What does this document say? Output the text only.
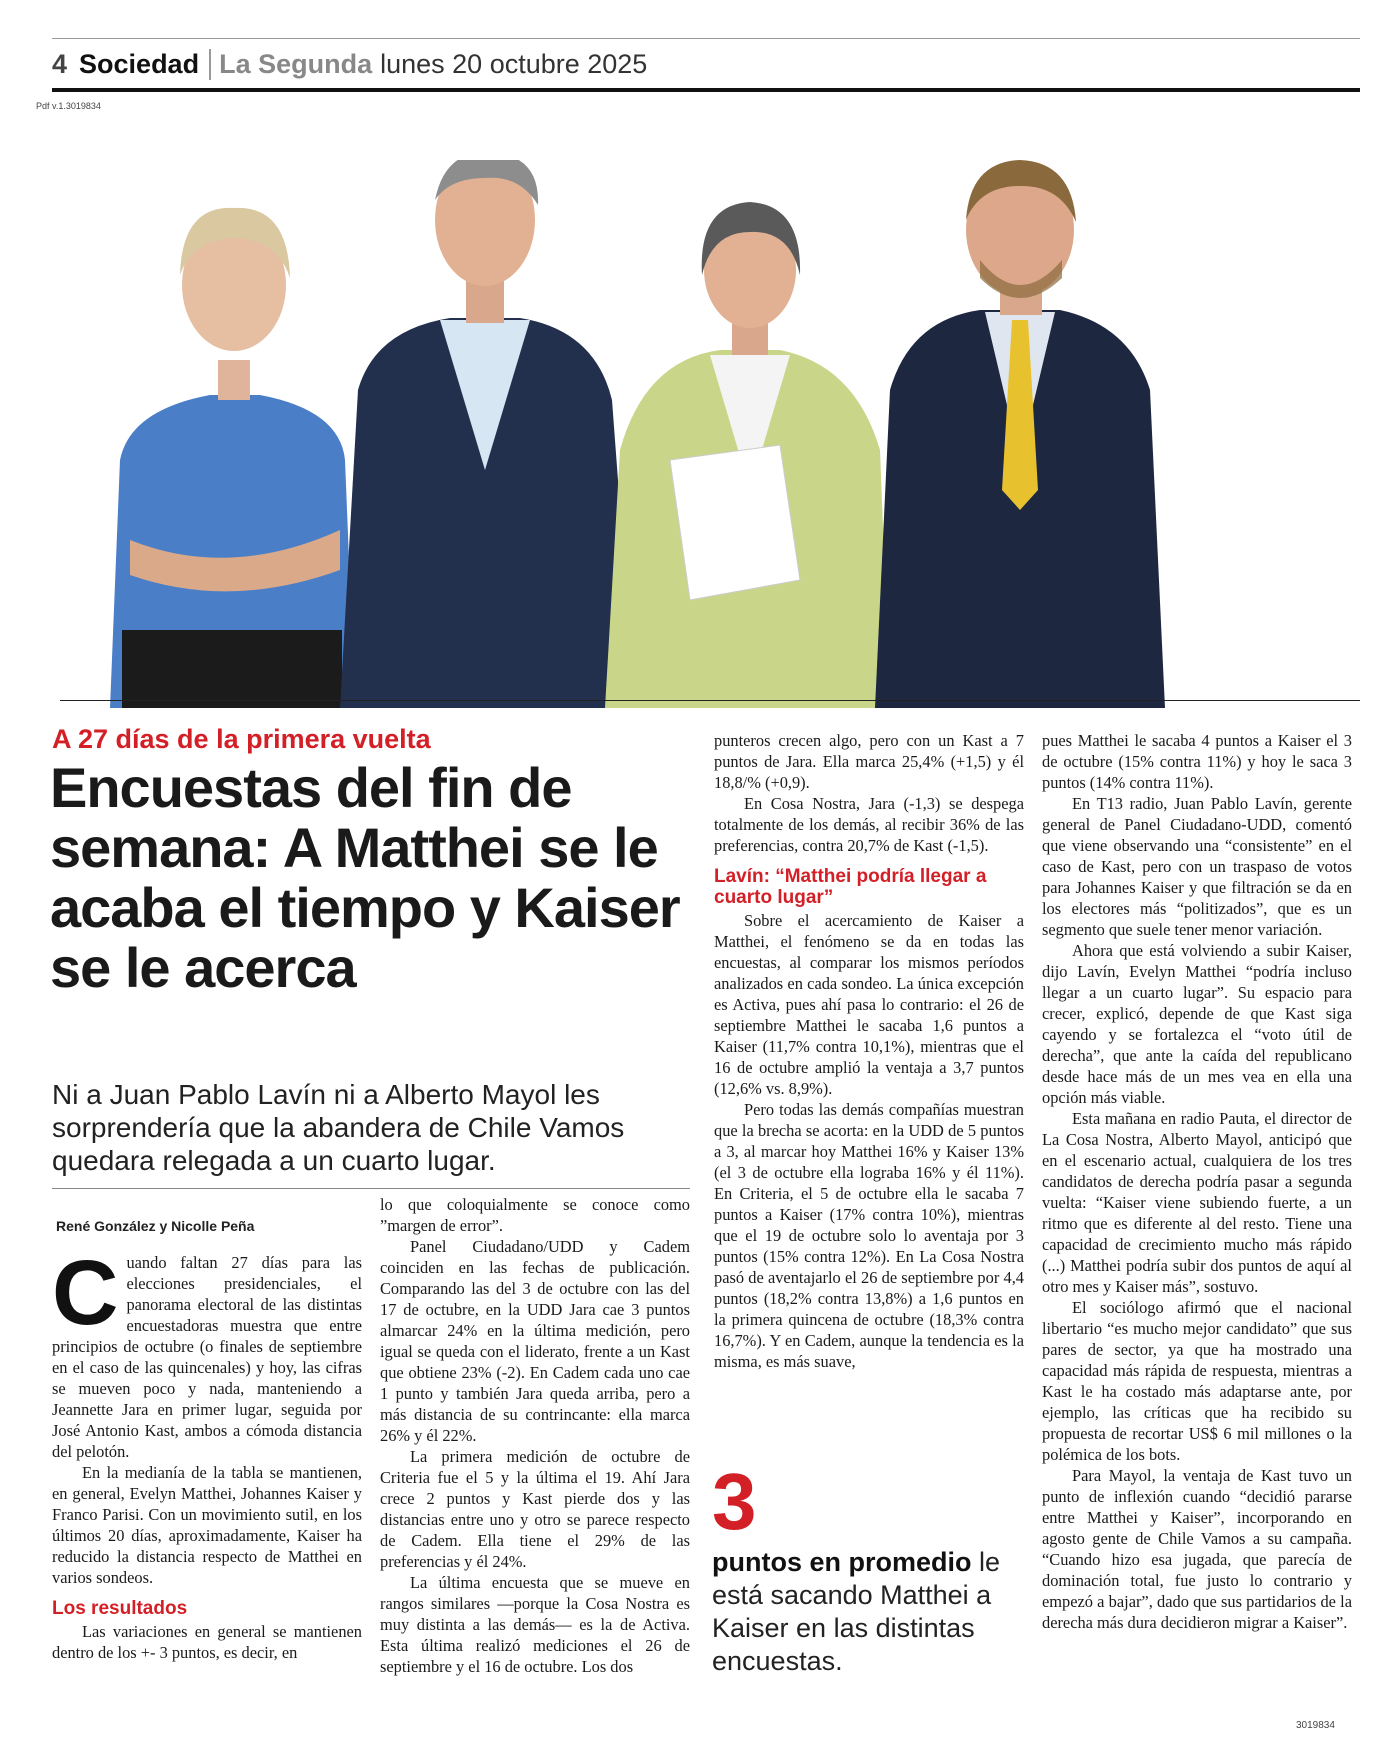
4 Sociedad La Segunda lunes 20 octubre 2025
Pdf v.1.3019834
A 27 días de la primera vuelta
Encuestas del fin de semana: A Matthei se le acaba el tiempo y Kaiser se le acerca
Ni a Juan Pablo Lavín ni a Alberto Mayol les sorprendería que la abandera de Chile Vamos quedara relegada a un cuarto lugar.
René González y Nicolle Peña

Cuando faltan 27 días para las elecciones presidenciales, el panorama electoral de las distintas encuestadoras muestra que entre principios de octubre (o finales de septiembre en el caso de las quincenales) y hoy, las cifras se mueven poco y nada, manteniendo a Jeannette Jara en primer lugar, seguida por José Antonio Kast, ambos a cómoda distancia del pelotón.

En la medianía de la tabla se mantienen, en general, Evelyn Matthei, Johannes Kaiser y Franco Parisi. Con un movimiento sutil, en los últimos 20 días, aproximadamente, Kaiser ha reducido la distancia respecto de Matthei en varios sondeos.

Los resultados

Las variaciones en general se mantienen dentro de los +- 3 puntos, es decir, en

lo que coloquialmente se conoce como ”margen de error”.

Panel Ciudadano/UDD y Cadem coinciden en las fechas de publicación. Comparando las del 3 de octubre con las del 17 de octubre, en la UDD Jara cae 3 puntos almarcar 24% en la última medición, pero igual se queda con el liderato, frente a un Kast que obtiene 23% (-2). En Cadem cada uno cae 1 punto y también Jara queda arriba, pero a más distancia de su contrincante: ella marca 26% y él 22%.

La primera medición de octubre de Criteria fue el 5 y la última el 19. Ahí Jara crece 2 puntos y Kast pierde dos y las distancias entre uno y otro se parece respecto de Cadem. Ella tiene el 29% de las preferencias y él 24%.

La última encuesta que se mueve en rangos similares —porque la Cosa Nostra es muy distinta a las demás— es la de Activa. Esta última realizó mediciones el 26 de septiembre y el 16 de octubre. Los dos

punteros crecen algo, pero con un Kast a 7 puntos de Jara. Ella marca 25,4% (+1,5) y él 18,8/% (+0,9).

En Cosa Nostra, Jara (-1,3) se despega totalmente de los demás, al recibir 36% de las preferencias, contra 20,7% de Kast (-1,5).

Lavín: “Matthei podría llegar a cuarto lugar”

Sobre el acercamiento de Kaiser a Matthei, el fenómeno se da en todas las encuestas, al comparar los mismos períodos analizados en cada sondeo. La única excepción es Activa, pues ahí pasa lo contrario: el 26 de septiembre Matthei le sacaba 1,6 puntos a Kaiser (11,7% contra 10,1%), mientras que el 16 de octubre amplió la ventaja a 3,7 puntos (12,6% vs. 8,9%).

Pero todas las demás compañías muestran que la brecha se acorta: en la UDD de 5 puntos a 3, al marcar hoy Matthei 16% y Kaiser 13% (el 3 de octubre ella lograba 16% y él 11%). En Criteria, el 5 de octubre ella le sacaba 7 puntos a Kaiser (17% contra 10%), mientras que el 19 de octubre solo lo aventaja por 3 puntos (15% contra 12%). En La Cosa Nostra pasó de aventajarlo el 26 de septiembre por 4,4 puntos (18,2% contra 13,8%) a 1,6 puntos en la primera quincena de octubre (18,3% contra 16,7%). Y en Cadem, aunque la tendencia es la misma, es más suave,

3
puntos en promedio le está sacando Matthei a Kaiser en las distintas encuestas.

pues Matthei le sacaba 4 puntos a Kaiser el 3 de octubre (15% contra 11%) y hoy le saca 3 puntos (14% contra 11%).

En T13 radio, Juan Pablo Lavín, gerente general de Panel Ciudadano-UDD, comentó que viene observando una “consistente” en el caso de Kast, pero con un traspaso de votos para Johannes Kaiser y que filtración se da en los electores más “politizados”, que es un segmento que suele tener menor variación.

Ahora que está volviendo a subir Kaiser, dijo Lavín, Evelyn Matthei “podría incluso llegar a un cuarto lugar”. Su espacio para crecer, explicó, depende de que Kast siga cayendo y se fortalezca el “voto útil de derecha”, que ante la caída del republicano desde hace más de un mes vea en ella una opción más viable.

Esta mañana en radio Pauta, el director de La Cosa Nostra, Alberto Mayol, anticipó que en el escenario actual, cualquiera de los tres candidatos de derecha podría pasar a segunda vuelta: “Kaiser viene subiendo fuerte, a un ritmo que es diferente al del resto. Tiene una capacidad de crecimiento mucho más rápido (...) Matthei podría subir dos puntos de aquí al otro mes y Kaiser más”, sostuvo.

El sociólogo afirmó que el nacional libertario “es mucho mejor candidato” que sus pares de sector, ya que ha mostrado una capacidad más rápida de respuesta, mientras a Kast le ha costado más adaptarse ante, por ejemplo, las críticas que ha recibido su propuesta de recortar US$ 6 mil millones o la polémica de los bots.

Para Mayol, la ventaja de Kast tuvo un punto de inflexión cuando “decidió pararse entre Matthei y Kaiser”, incorporando en agosto gente de Chile Vamos a su campaña. “Cuando hizo esa jugada, que parecía de dominación total, fue justo lo contrario y empezó a bajar”, dado que sus partidarios de la derecha más dura decidieron migrar a Kaiser”.

3019834
